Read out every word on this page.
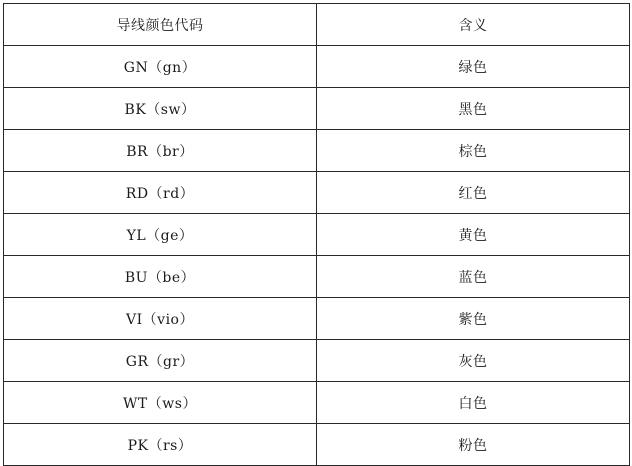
导线颜色代码	含义
GN（gn）	绿色
BK（sw）	黑色
BR（br）	棕色
RD（rd）	红色
YL（ge）	黄色
BU（be）	蓝色
VI（vio）	紫色
GR（gr）	灰色
WT（ws）	白色
PK（rs）	粉色
